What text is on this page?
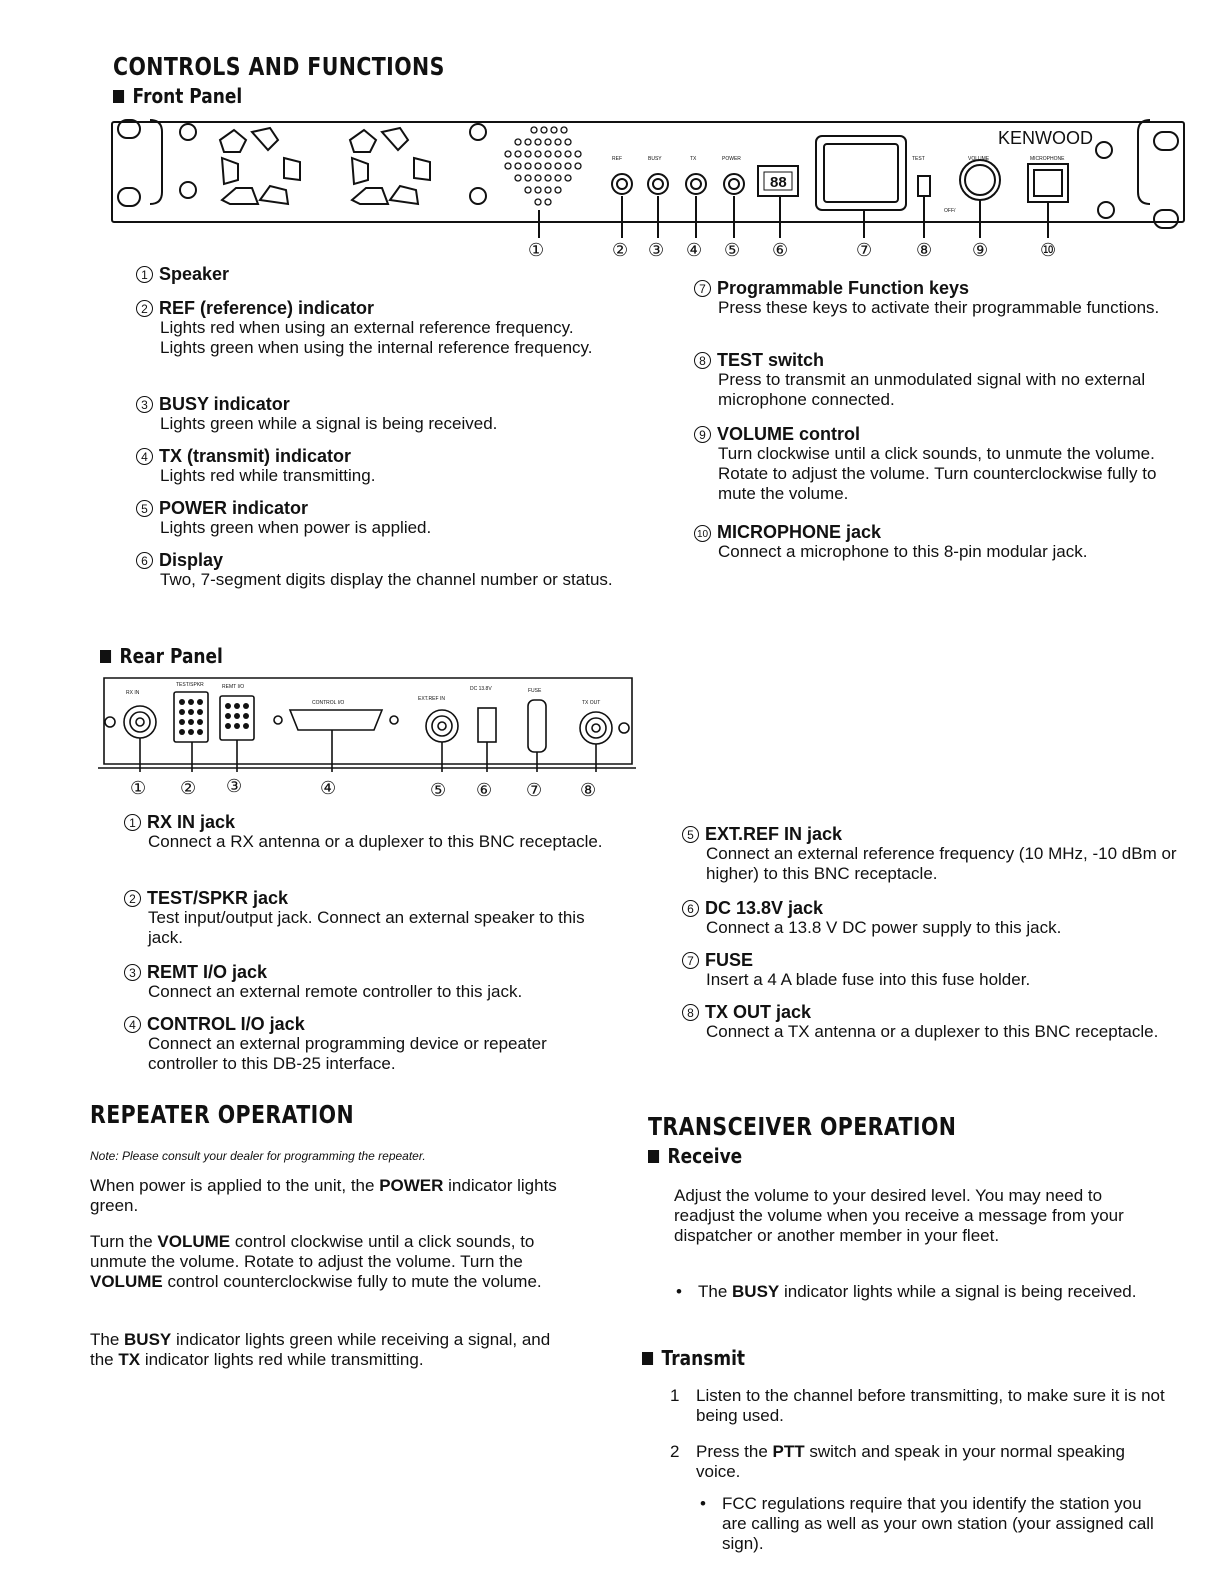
CONTROLS AND FUNCTIONS
Front Panel
88
KENWOOD
REF	BUSY	TX	POWER	TEST	VOLUME	MICROPHONE
OFF/
①	② ③ ④ ⑤ ⑥	⑦ ⑧ ⑨	⑩
1 Speaker
2 REF (reference) indicator
Lights red when using an external reference frequency. Lights green when using the internal reference frequency.
3 BUSY indicator
Lights green while a signal is being received.
4 TX (transmit) indicator
Lights red while transmitting.
5 POWER indicator
Lights green when power is applied.
6 Display
Two, 7-segment digits display the channel number or status.
7 Programmable Function keys
Press these keys to activate their programmable functions.
8 TEST switch
Press to transmit an unmodulated signal with no external microphone connected.
9 VOLUME control
Turn clockwise until a click sounds, to unmute the volume. Rotate to adjust the volume. Turn counterclockwise fully to mute the volume.
10 MICROPHONE jack
Connect a microphone to this 8-pin modular jack.
Rear Panel
RX IN
TEST/SPKR	REMT I/O
CONTROL I/O
EXT.REF IN
DC 13.8V	FUSE
TX OUT
① ② ③	④	⑤ ⑥ ⑦ ⑧
1 RX IN jack
Connect a RX antenna or a duplexer to this BNC receptacle.
2 TEST/SPKR jack
Test input/output jack. Connect an external speaker to this jack.
3 REMT I/O jack
Connect an external remote controller to this jack.
4 CONTROL I/O jack
Connect an external programming device or repeater controller to this DB-25 interface.
5 EXT.REF IN jack
Connect an external reference frequency (10 MHz, -10 dBm or higher) to this BNC receptacle.
6 DC 13.8V jack
Connect a 13.8 V DC power supply to this jack.
7 FUSE
Insert a 4 A blade fuse into this fuse holder.
8 TX OUT jack
Connect a TX antenna or a duplexer to this BNC receptacle.
REPEATER OPERATION
Note: Please consult your dealer for programming the repeater.
When power is applied to the unit, the POWER indicator lights green.
Turn the VOLUME control clockwise until a click sounds, to unmute the volume. Rotate to adjust the volume. Turn the VOLUME control counterclockwise fully to mute the volume.
The BUSY indicator lights green while receiving a signal, and the TX indicator lights red while transmitting.
TRANSCEIVER OPERATION
Receive
Adjust the volume to your desired level. You may need to readjust the volume when you receive a message from your dispatcher or another member in your fleet.
• The BUSY indicator lights while a signal is being received.
Transmit
1 Listen to the channel before transmitting, to make sure it is not being used.
2 Press the PTT switch and speak in your normal speaking voice.
• FCC regulations require that you identify the station you are calling as well as your own station (your assigned call sign).
